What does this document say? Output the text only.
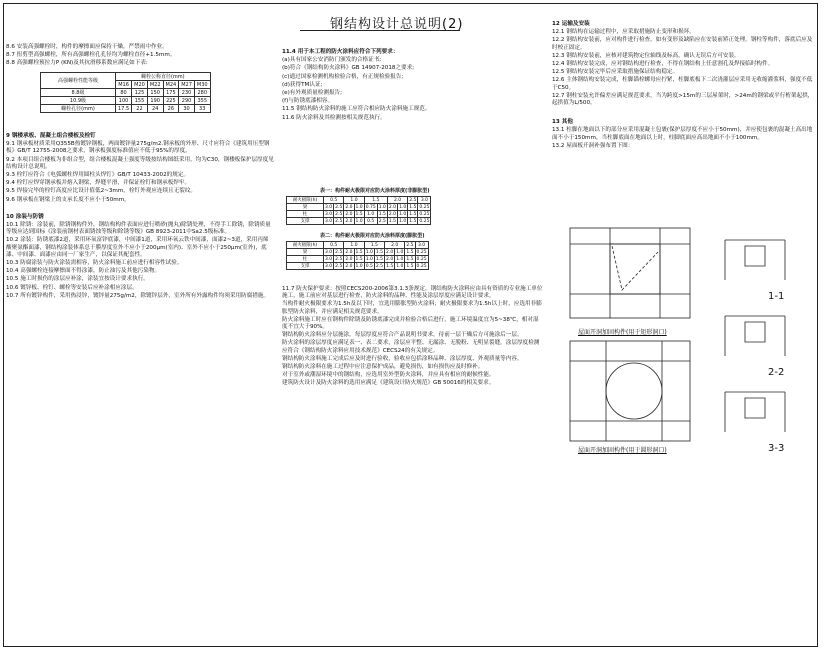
钢结构设计总说明(2)

8.6 安装高强螺栓时，构件的摩擦面应保持干燥，严禁雨中作业。

8.7 扭剪型高强螺栓，所有高强螺栓孔孔径均为螺栓直径+1.5mm。

8.8 高强螺栓预拉力P (KN)及其抗滑移系数应满足如下表:

高强螺栓性能等级	螺栓公称直径(mm)					
	M16	M20	M22	M24	M27	M30
8.8级	80	125	150	175	230	280
10.9级	100	155	190	225	290	355
螺栓孔径(mm)	17.5	22	24	26	30	33

9 钢楼承板、混凝土组合楼板及栓钉

9.1 钢承板材质采用Q355B热镀锌钢板，两面镀锌量275g/m2.钢承板的外形、尺寸应符合《建筑用压型钢板》GB/T 12755-2008之要求，钢承板强度标准值应不低于95%的厚度。

9.2 本项目组合楼板为非组合型，组合楼板混凝土强度等级按结构图纸采用，均为C30，钢楼板保护层厚度见结构设计总说明。

9.3 栓钉应符合《电弧螺柱焊用圆柱头焊钉》GB/T 10433-2002的规定。

9.4 栓钉应焊穿钢承板并熔入钢梁，焊缝平滑，并保证栓钉和钢承板焊牢。

9.5 焊接完毕的栓钉高度应比设计值低2~3mm，栓钉外观应连续且无裂纹。

9.6 钢承板在钢梁上的支承长度不应小于50mm。

10 涂装与防锈

10.1 除锈：涂装前，除锈钢构件外，钢结构构件表面应进行喷砂(抛丸)除锈处理，不得手工除锈，除锈质量等级应达到国标《涂装前钢材表面锈蚀等级和除锈等级》GB 8923-2011中Sa2.5级标准。

10.2 涂装：防锈底漆2道，采用环氧富锌底漆，中间漆1道，采用环氧云铁中间漆，面漆2~3道，采用丙烯酸聚氨酯面漆，钢结构涂装体系总干膜厚度室外不应小于200μm(室内)、室外不应小于250μm(室外)，底漆、中间漆、面漆应由同一厂家生产，以保证其配套性。

10.3 防腐涂装与防火涂装需相容，防火涂料施工前应进行相容性试验。

10.4 高强螺栓连接摩擦面不得涂漆，防止油污及其他污染物。

10.5 施工时损伤的涂层应补涂，涂装宜按设计要求执行。

10.6 镀锌板、栓钉、螺栓等安装后应补涂相应涂层。

10.7 所有镀锌构件，采用热浸锌，镀锌量275g/m2，除镀锌层外，室外所有外露构件均须采用防腐措施。

11.4 用于本工程的防火涂料应符合下列要求：

(a)具有国家公安消防门颁发的合格证书;

(b)符合《钢结构防火涂料》GB 14907-2018之要求;

(c)通过国家检测机构检验合格，有正规检验报告;

(d)获得TM认证;

(e)有外观质量检测报告;

(f)与防锈底漆相容。

11.5 钢结构防火涂料的施工应符合相应防火涂料施工规范。

11.6 防火涂料及其检测按相关规范执行。

表一：构件耐火极限对应防火涂料厚度(非膨胀型)
耐火极限(h)	0.5		1.0		1.5		2.0		2.5	3.0
梁	3.0	2.5	2.0	1.0	0.75	1.0	2.0	1.0	1.5	0.25
柱	3.0	2.5	2.0	1.5	1.0	1.5	2.0	1.0	1.5	0.25
支撑	3.0	2.5	2.0	1.0	0.5	2.5	1.5	1.0	1.5	0.25
表二：构件耐火极限对应防火涂料厚度(膨胀型)
耐火极限(h)	0.5		1.0		1.5		2.0		2.5	3.0
梁	3.0	2.5	2.0	1.5	1.0	1.5	2.0	1.0	1.5	0.25
柱	3.0	2.5	2.0	1.5	1.0	1.5	2.0	1.0	1.5	0.25
支撑	3.0	2.5	2.0	1.0	0.5	2.5	1.5	1.0	1.5	0.25

11.7 防火保护要求：按照CECS200-2006第3.1.3条规定，钢结构防火涂料应由具有资质的专业施工单位施工，施工前应对基层进行检查，防火涂料的品种、性能及涂层厚度应满足设计要求。

当构件耐火极限要求为1.5h及以下时，宜选用膨胀型防火涂料；耐火极限要求为1.5h以上时，应选用非膨胀型防火涂料，并应满足相关规范要求。

防火涂料施工时应在钢构件除锈及防锈底漆完成并检验合格后进行，施工环境温度宜为5~38℃，相对湿度不宜大于90%。

钢结构防火涂料应分层施涂，每层厚度应符合产品说明书要求，待前一层干燥后方可施涂后一层。

防火涂料的涂层厚度应满足表一、表二要求，涂层应平整、无漏涂、无脱粉、无明显裂缝，涂层厚度检测应符合《钢结构防火涂料应用技术规范》CECS24的有关规定。

钢结构防火涂料施工完成后应及时进行验收，验收应包括涂料品种、涂层厚度、外观质量等内容。

钢结构防火涂料在施工过程中应注意保护成品，避免损伤，如有损伤应及时修补。

对于室外或潮湿环境中的钢结构，应选用室外型防火涂料，并应具有相应的耐候性能。

建筑防火设计及防火涂料的选用应满足《建筑设计防火规范》GB 50016的相关要求。

12 运输及安装

12.1 钢结构在运输过程中，应采取措施防止变形和损坏。

12.2 钢结构安装前，应对构件进行检查，如有变形及缺陷应在安装前矫正处理。钢柱等构件，落底后应及时校正固定。

12.3 钢结构安装前，应核对建筑物定位轴线及标高，确认无误后方可安装。

12.4 钢结构安装完成，应对钢结构进行检查，不得在钢结构上任意割孔及焊接临时构件。

12.5 钢结构安装完毕后应采取措施保证结构稳定。

12.6 主体钢结构安装完成，柱脚锚栓螺母应拧紧，柱脚底板下二次浇灌层应采用无收缩灌浆料，强度不低于C50。

12.7 钢柱安装允许偏差应满足规范要求，当为跨度>15m的三层屋架时，>24m的钢梁或平行桁架起拱，起拱值为L/500。

13 其他

13.1 柱脚在地面以下的部分应采用混凝土包裹(保护层厚度不应小于50mm)，并应使包裹的混凝土高出地面不小于150mm，当柱脚底面在地面以上时，柱脚底面应高出地面不小于100mm。

13.2 屋面板开洞补强布置下图：

屋面开洞加固构件(用于矩形洞口)
屋面开洞加固构件(用于圆形洞口)
1-1
2-2
3-3
